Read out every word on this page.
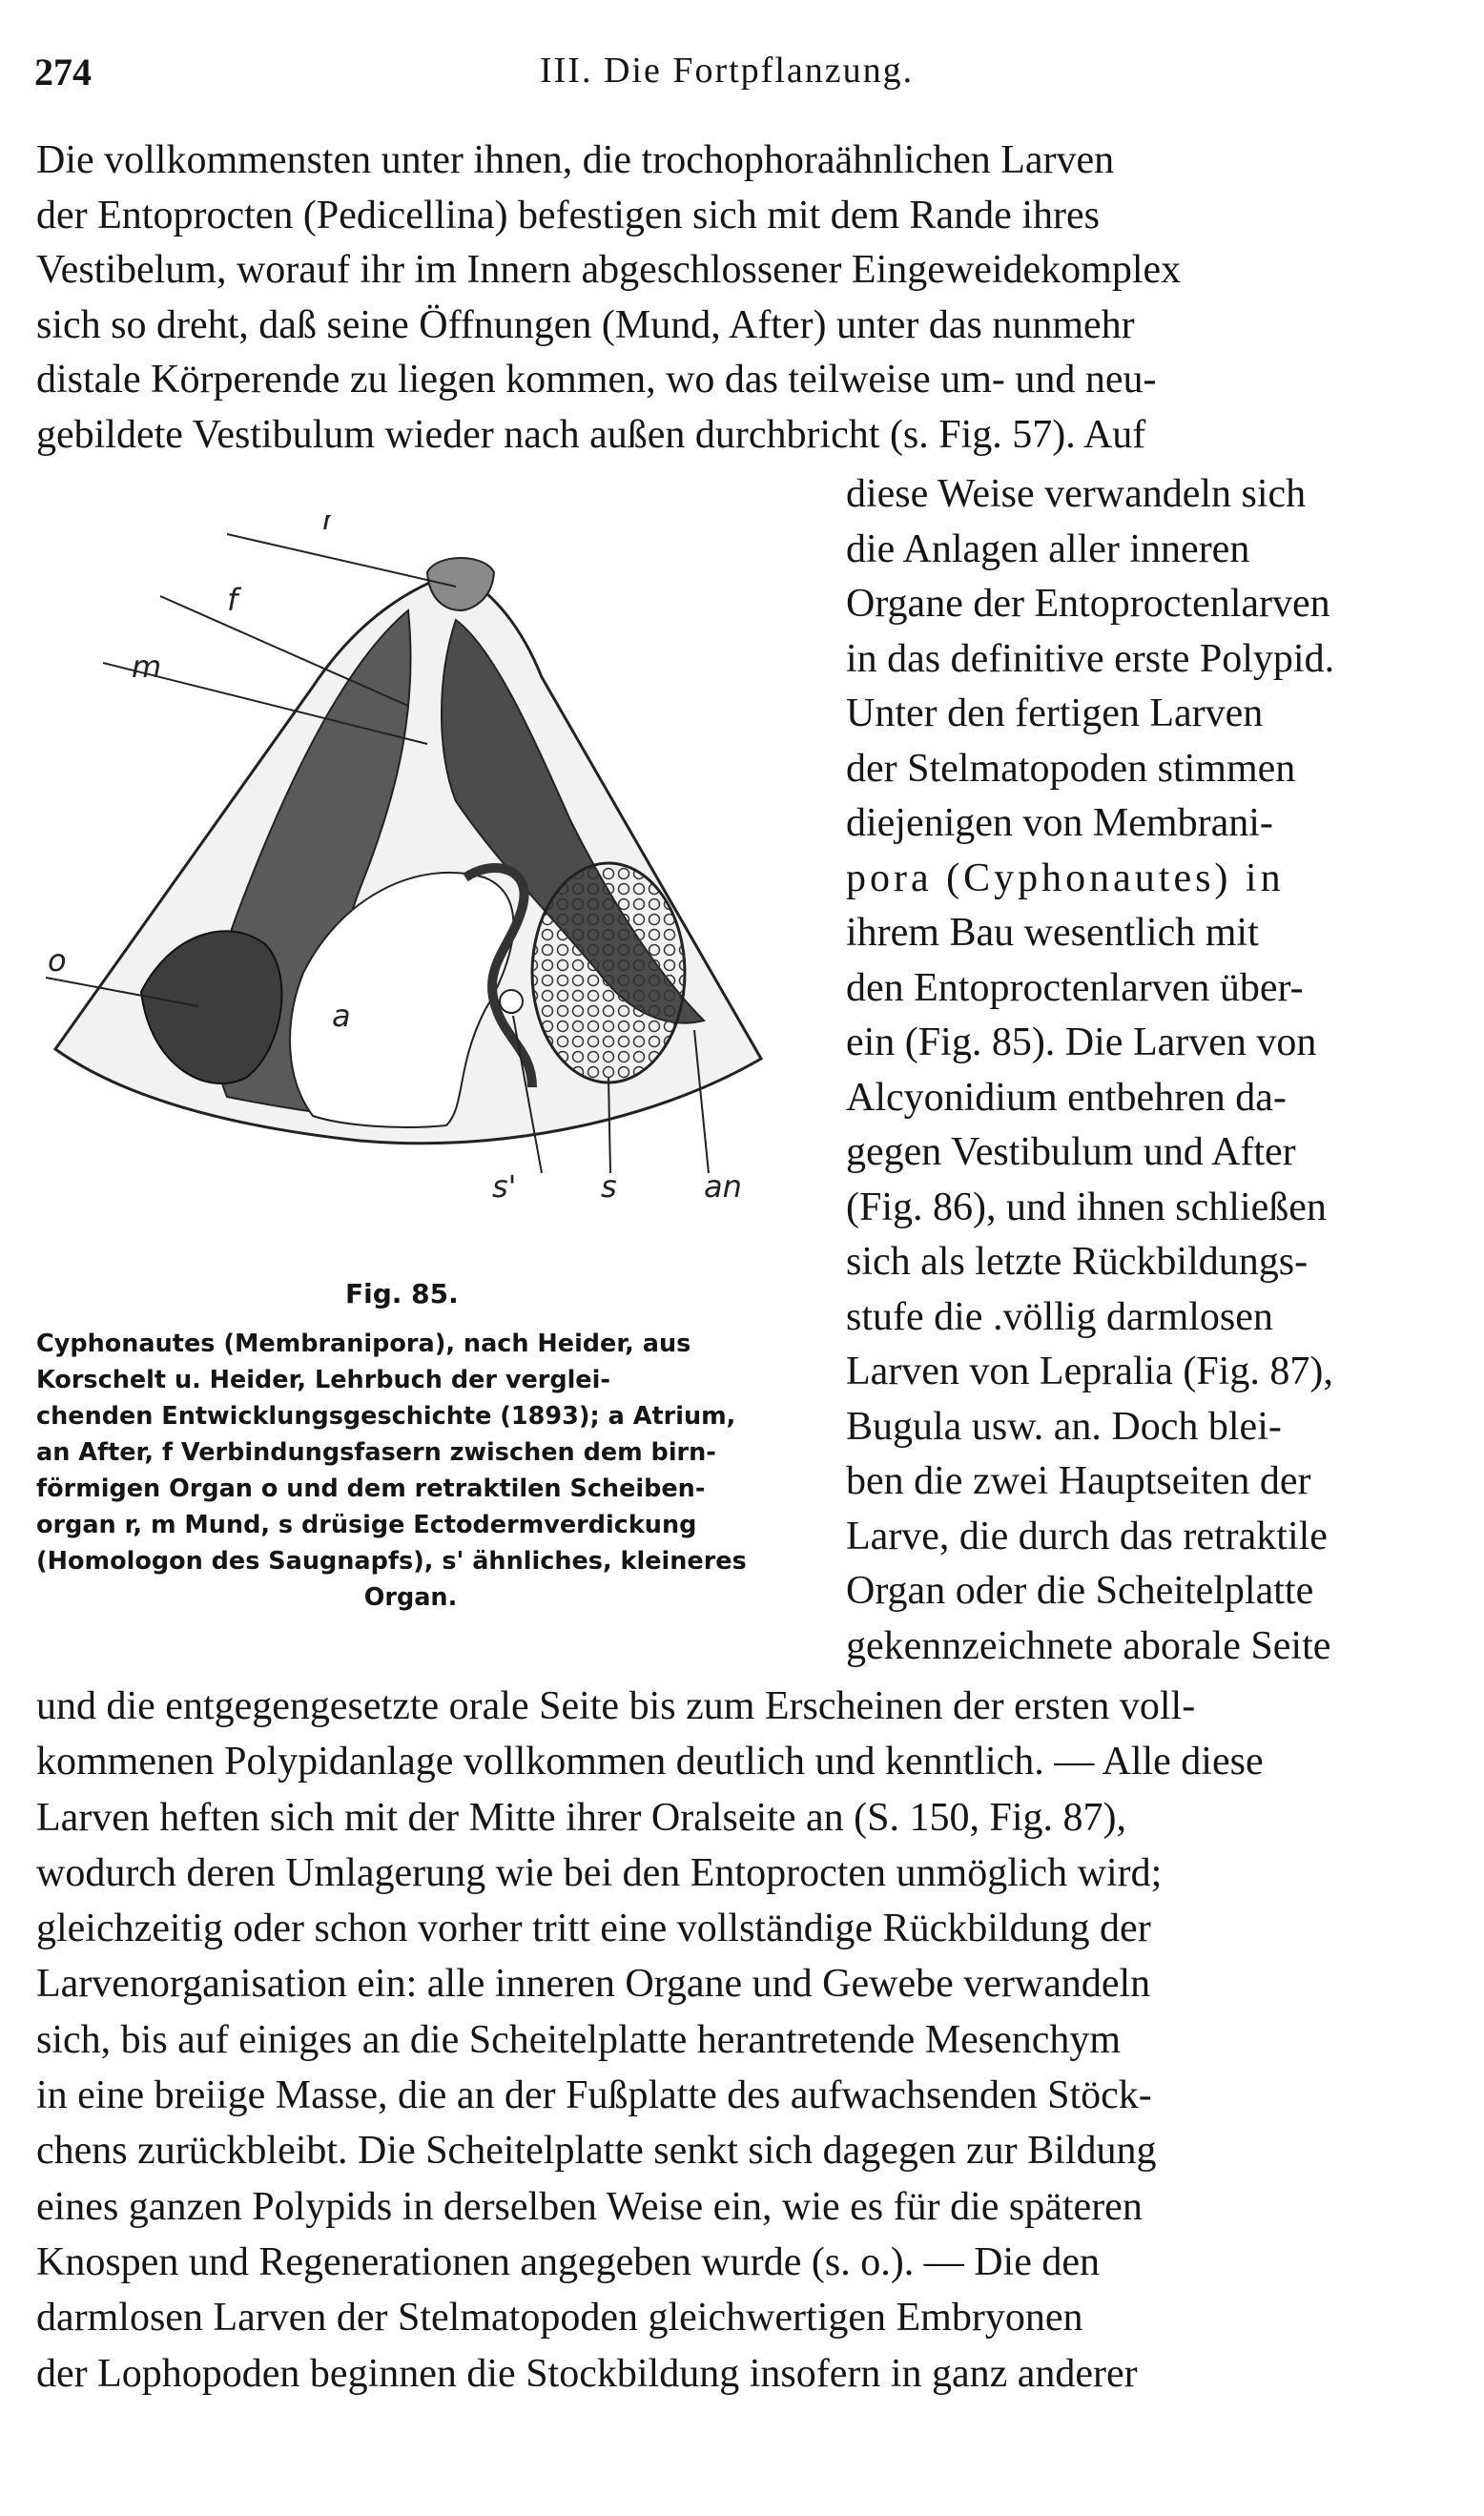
274	III. Die Fortpflanzung.
Die vollkommensten unter ihnen, die trochophoraähnlichen Larven
der Entoprocten (Pedicellina) befestigen sich mit dem Rande ihres
Vestibelum, worauf ihr im Innern abgeschlossener Eingeweidekomplex
sich so dreht, daß seine Öffnungen (Mund, After) unter das nunmehr
distale Körperende zu liegen kommen, wo das teilweise um- und neu-
gebildete Vestibulum wieder nach außen durchbricht (s. Fig. 57). Auf
r
f
m
o
a
s'	s	an
Fig. 85.
Cyphonautes (Membranipora), nach Heider, aus
Korschelt u. Heider, Lehrbuch der verglei-
chenden Entwicklungsgeschichte (1893); a Atrium,
an After, f Verbindungsfasern zwischen dem birn-
förmigen Organ o und dem retraktilen Scheiben-
organ r, m Mund, s drüsige Ectodermverdickung
(Homologon des Saugnapfs), s' ähnliches, kleineres
Organ.
diese Weise verwandeln sich
die Anlagen aller inneren
Organe der Entoproctenlarven
in das definitive erste Polypid.
Unter den fertigen Larven
der Stelmatopoden stimmen
diejenigen von Membrani-
pora (Cyphonautes) in
ihrem Bau wesentlich mit
den Entoproctenlarven über-
ein (Fig. 85). Die Larven von
Alcyonidium entbehren da-
gegen Vestibulum und After
(Fig. 86), und ihnen schließen
sich als letzte Rückbildungs-
stufe die .völlig darmlosen
Larven von Lepralia (Fig. 87),
Bugula usw. an. Doch blei-
ben die zwei Hauptseiten der
Larve, die durch das retraktile
Organ oder die Scheitelplatte
gekennzeichnete aborale Seite
und die entgegengesetzte orale Seite bis zum Erscheinen der ersten voll-
kommenen Polypidanlage vollkommen deutlich und kenntlich. — Alle diese
Larven heften sich mit der Mitte ihrer Oralseite an (S. 150, Fig. 87),
wodurch deren Umlagerung wie bei den Entoprocten unmöglich wird;
gleichzeitig oder schon vorher tritt eine vollständige Rückbildung der
Larvenorganisation ein: alle inneren Organe und Gewebe verwandeln
sich, bis auf einiges an die Scheitelplatte herantretende Mesenchym
in eine breiige Masse, die an der Fußplatte des aufwachsenden Stöck-
chens zurückbleibt. Die Scheitelplatte senkt sich dagegen zur Bildung
eines ganzen Polypids in derselben Weise ein, wie es für die späteren
Knospen und Regenerationen angegeben wurde (s. o.). — Die den
darmlosen Larven der Stelmatopoden gleichwertigen Embryonen
der Lophopoden beginnen die Stockbildung insofern in ganz anderer
